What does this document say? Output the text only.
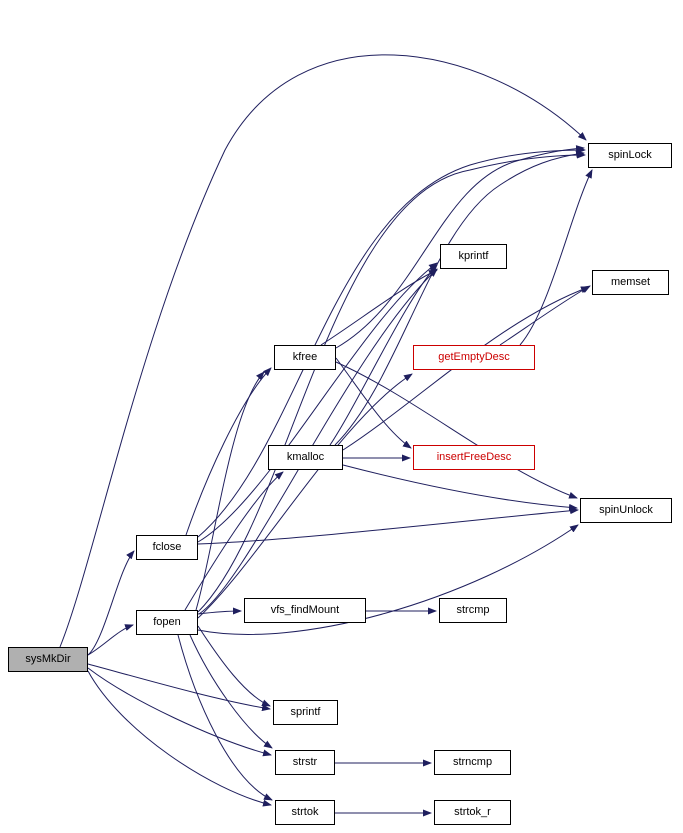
sysMkDir
fclose
fopen
vfs_findMount	strcmp
sprintf
strstr	strncmp
strtok	strtok_r
kmalloc
kfree
kprintf
getEmptyDesc
insertFreeDesc
spinLock
memset
spinUnlock
